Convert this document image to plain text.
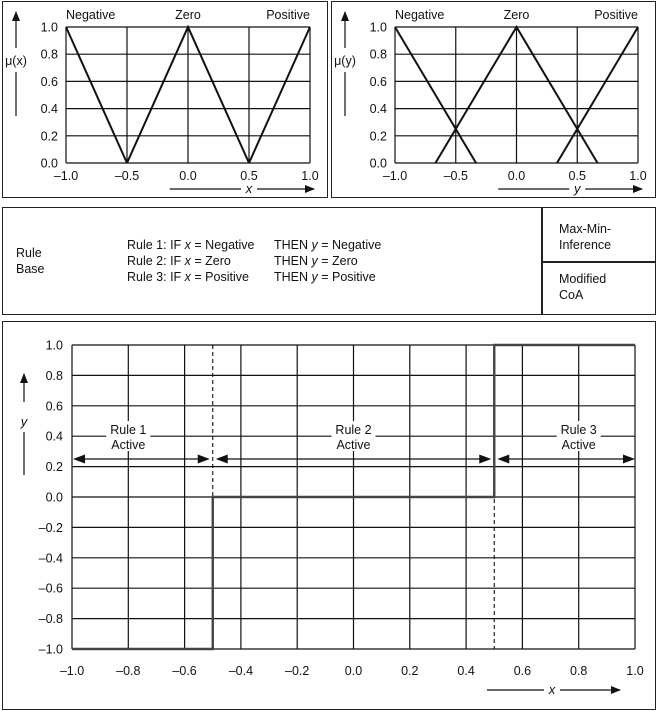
Rule
Base
Rule 1: IF x = Negative THEN y = Negative
Rule 2: IF x = Zero	THEN y = Zero
Rule 3: IF x = Positive THEN y = Positive
Max-Min-
Inference
Modified
CoA
0.0
0.2
0.4
0.6
0.8
1.0
–1.0	–0.5	0.0	0.5	1.0
Negative	Zero	Positive
μ(x)
x
0.0
0.2
0.4
0.6
0.8
1.0
–1.0	–0.5	0.0	0.5	1.0
Negative	Zero	Positive
μ(y)
y
–1.0
–0.8
–0.6
–0.4
–0.2
0.0
0.2
0.4
0.6
0.8
1.0
–1.0	–0.8	–0.6	–0.4	–0.2	0.0	0.2	0.4	0.6	0.8	1.0
Rule 1
Active
Rule 2
Active
Rule 3
Active
y
x
